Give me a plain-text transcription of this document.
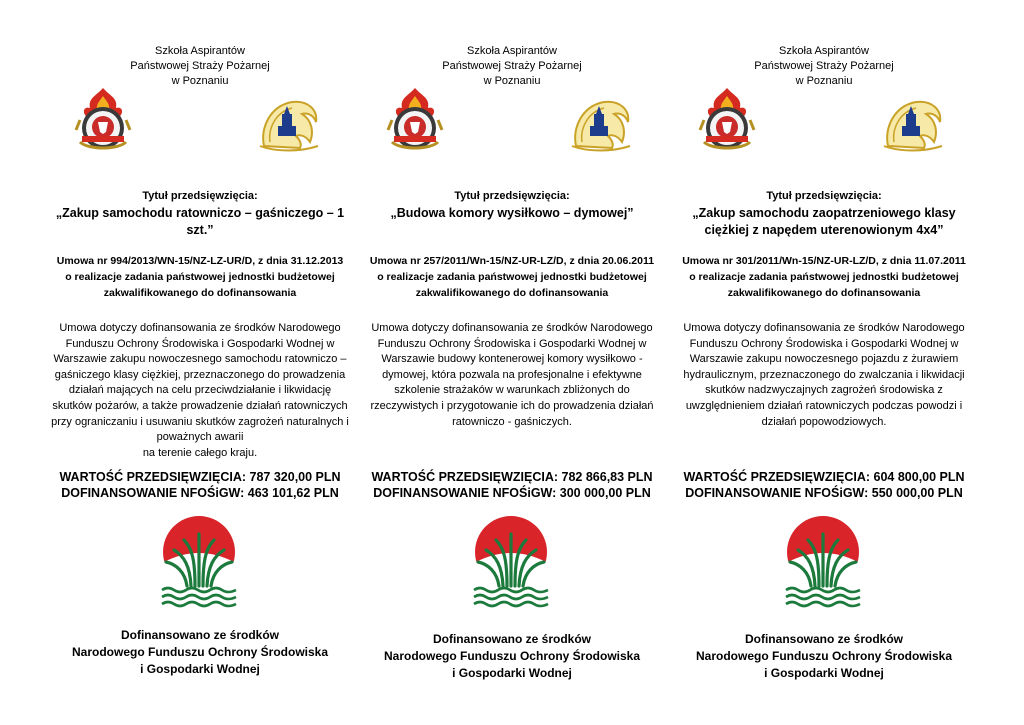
Szkoła Aspirantów
Państwowej Straży Pożarnej
w Poznaniu
Tytuł przedsięwzięcia:
„Zakup samochodu ratowniczo – gaśniczego – 1 szt.”
Umowa nr 994/2013/WN-15/NZ-LZ-UR/D, z dnia 31.12.2013
o realizacje zadania państwowej jednostki budżetowej
zakwalifikowanego do dofinansowania
Umowa dotyczy dofinansowania ze środków Narodowego Funduszu Ochrony Środowiska i Gospodarki Wodnej w Warszawie zakupu nowoczesnego samochodu ratowniczo – gaśniczego klasy ciężkiej, przeznaczonego do prowadzenia działań mających na celu przeciwdziałanie i likwidację skutków pożarów, a także prowadzenie działań ratowniczych przy ograniczaniu i usuwaniu skutków zagrożeń naturalnych i poważnych awarii
na terenie całego kraju.
WARTOŚĆ PRZEDSIĘWZIĘCIA: 787 320,00 PLN
DOFINANSOWANIE NFOŚiGW: 463 101,62 PLN
Dofinansowano ze środków
Narodowego Funduszu Ochrony Środowiska
i Gospodarki Wodnej
Szkoła Aspirantów
Państwowej Straży Pożarnej
w Poznaniu
Tytuł przedsięwzięcia:
„Budowa komory wysiłkowo – dymowej”
Umowa nr 257/2011/Wn-15/NZ-UR-LZ/D, z dnia 20.06.2011
o realizacje zadania państwowej jednostki budżetowej
zakwalifikowanego do dofinansowania
Umowa dotyczy dofinansowania ze środków Narodowego Funduszu Ochrony Środowiska i Gospodarki Wodnej w Warszawie budowy kontenerowej komory wysiłkowo - dymowej, która pozwala na profesjonalne i efektywne szkolenie strażaków w warunkach zbliżonych do rzeczywistych i przygotowanie ich do prowadzenia działań ratowniczo - gaśniczych.
WARTOŚĆ PRZEDSIĘWZIĘCIA: 782 866,83 PLN
DOFINANSOWANIE NFOŚiGW: 300 000,00 PLN
Dofinansowano ze środków
Narodowego Funduszu Ochrony Środowiska
i Gospodarki Wodnej
Szkoła Aspirantów
Państwowej Straży Pożarnej
w Poznaniu
Tytuł przedsięwzięcia:
„Zakup samochodu zaopatrzeniowego klasy ciężkiej z napędem uterenowionym 4x4”
Umowa nr 301/2011/Wn-15/NZ-UR-LZ/D, z dnia 11.07.2011
o realizacje zadania państwowej jednostki budżetowej
zakwalifikowanego do dofinansowania
Umowa dotyczy dofinansowania ze środków Narodowego Funduszu Ochrony Środowiska i Gospodarki Wodnej w Warszawie zakupu nowoczesnego pojazdu z żurawiem hydraulicznym, przeznaczonego do zwalczania i likwidacji skutków nadzwyczajnych zagrożeń środowiska z uwzględnieniem działań ratowniczych podczas powodzi i działań popowodziowych.
WARTOŚĆ PRZEDSIĘWZIĘCIA: 604 800,00 PLN
DOFINANSOWANIE NFOŚiGW: 550 000,00 PLN
Dofinansowano ze środków
Narodowego Funduszu Ochrony Środowiska
i Gospodarki Wodnej
